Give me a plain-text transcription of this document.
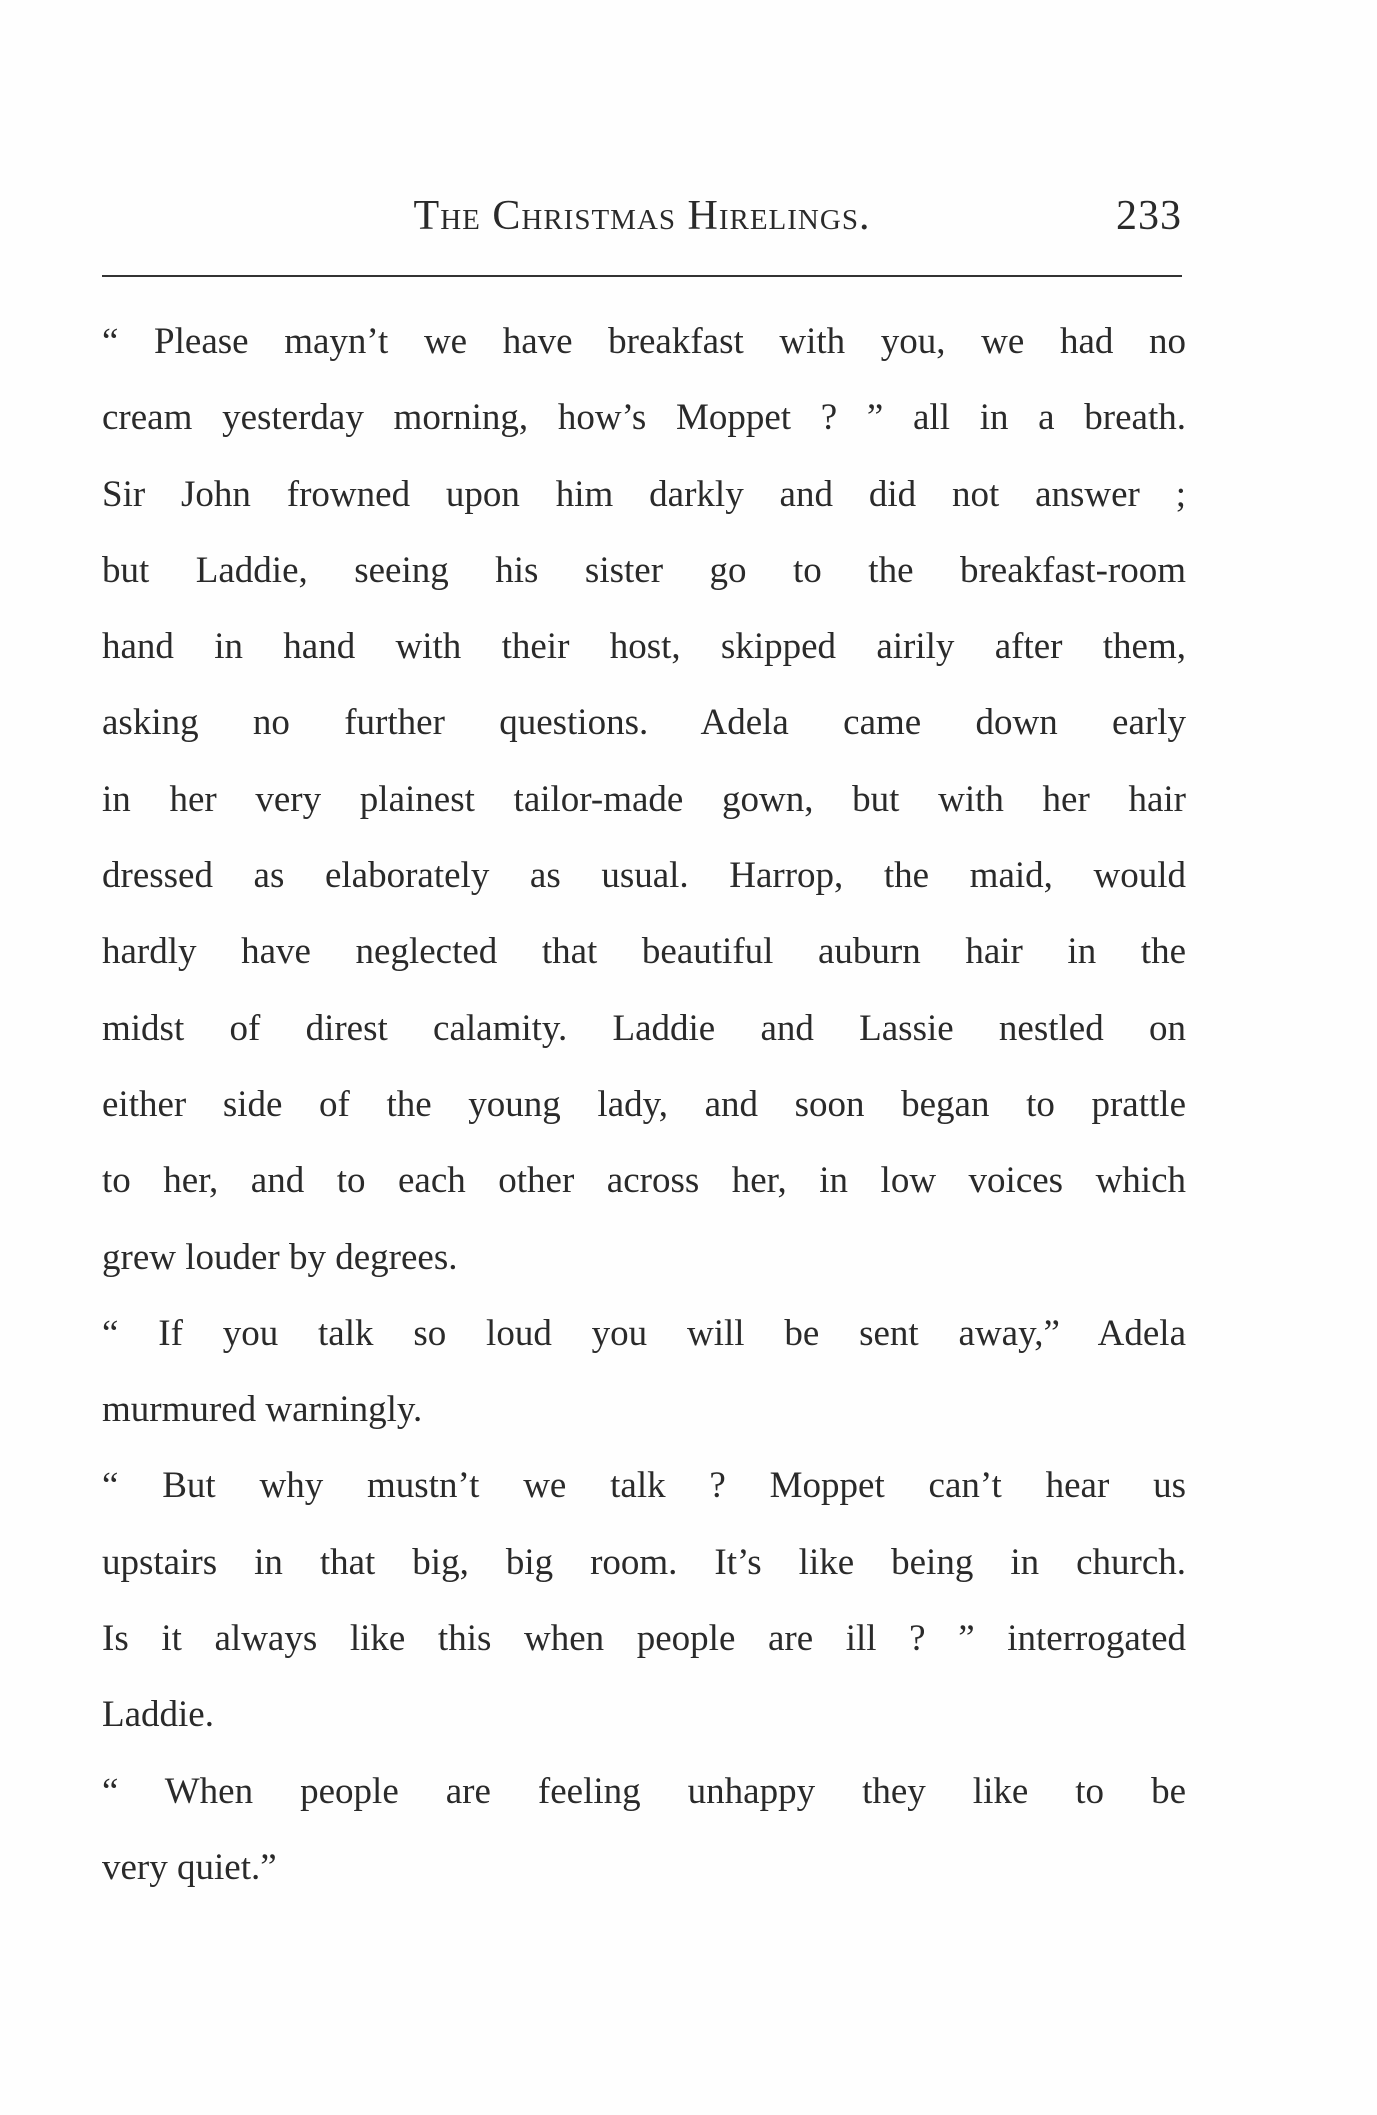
The Christmas Hirelings.	233
“ Please mayn’t we have breakfast with you, we had no
cream yesterday morning, how’s Moppet ? ” all in a breath.
Sir John frowned upon him darkly and did not answer ;
but Laddie, seeing his sister go to the breakfast-room
hand in hand with their host, skipped airily after them,
asking no further questions. Adela came down early
in her very plainest tailor-made gown, but with her hair
dressed as elaborately as usual. Harrop, the maid, would
hardly have neglected that beautiful auburn hair in the
midst of direst calamity. Laddie and Lassie nestled on
either side of the young lady, and soon began to prattle
to her, and to each other across her, in low voices which
grew louder by degrees.
“ If you talk so loud you will be sent away,” Adela
murmured warningly.
“ But why mustn’t we talk ? Moppet can’t hear us
upstairs in that big, big room. It’s like being in church.
Is it always like this when people are ill ? ” interrogated
Laddie.
“ When people are feeling unhappy they like to be
very quiet.”
